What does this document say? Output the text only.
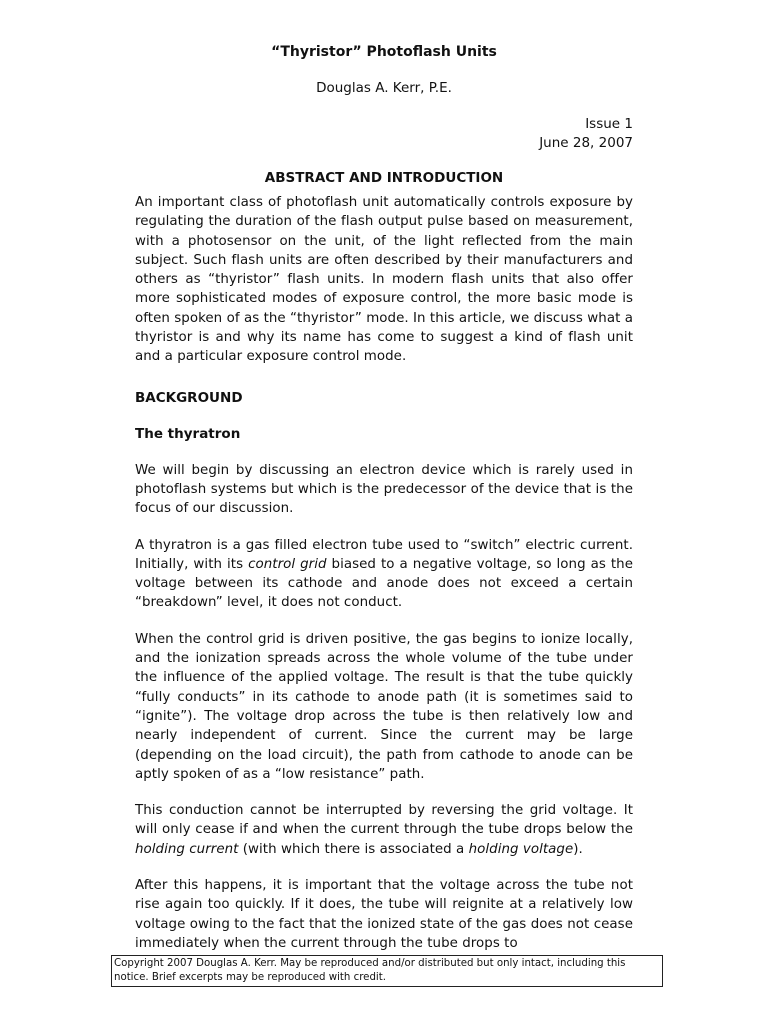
“Thyristor” Photoflash Units
Douglas A. Kerr, P.E.
Issue 1
June 28, 2007
ABSTRACT AND INTRODUCTION

An important class of photoflash unit automatically controls exposure by regulating the duration of the flash output pulse based on measurement, with a photosensor on the unit, of the light reflected from the main subject. Such flash units are often described by their manufacturers and others as “thyristor” flash units. In modern flash units that also offer more sophisticated modes of exposure control, the more basic mode is often spoken of as the “thyristor” mode. In this article, we discuss what a thyristor is and why its name has come to suggest a kind of flash unit and a particular exposure control mode.

BACKGROUND
The thyratron

We will begin by discussing an electron device which is rarely used in photoflash systems but which is the predecessor of the device that is the focus of our discussion.

A thyratron is a gas filled electron tube used to “switch” electric current. Initially, with its control grid biased to a negative voltage, so long as the voltage between its cathode and anode does not exceed a certain “breakdown” level, it does not conduct.

When the control grid is driven positive, the gas begins to ionize locally, and the ionization spreads across the whole volume of the tube under the influence of the applied voltage. The result is that the tube quickly “fully conducts” in its cathode to anode path (it is sometimes said to “ignite”). The voltage drop across the tube is then relatively low and nearly independent of current. Since the current may be large (depending on the load circuit), the path from cathode to anode can be aptly spoken of as a “low resistance” path.

This conduction cannot be interrupted by reversing the grid voltage. It will only cease if and when the current through the tube drops below the holding current (with which there is associated a holding voltage).

After this happens, it is important that the voltage across the tube not rise again too quickly. If it does, the tube will reignite at a relatively low voltage owing to the fact that the ionized state of the gas does not cease immediately when the current through the tube drops to

Copyright 2007 Douglas A. Kerr. May be reproduced and/or distributed but only intact, including this notice. Brief excerpts may be reproduced with credit.
